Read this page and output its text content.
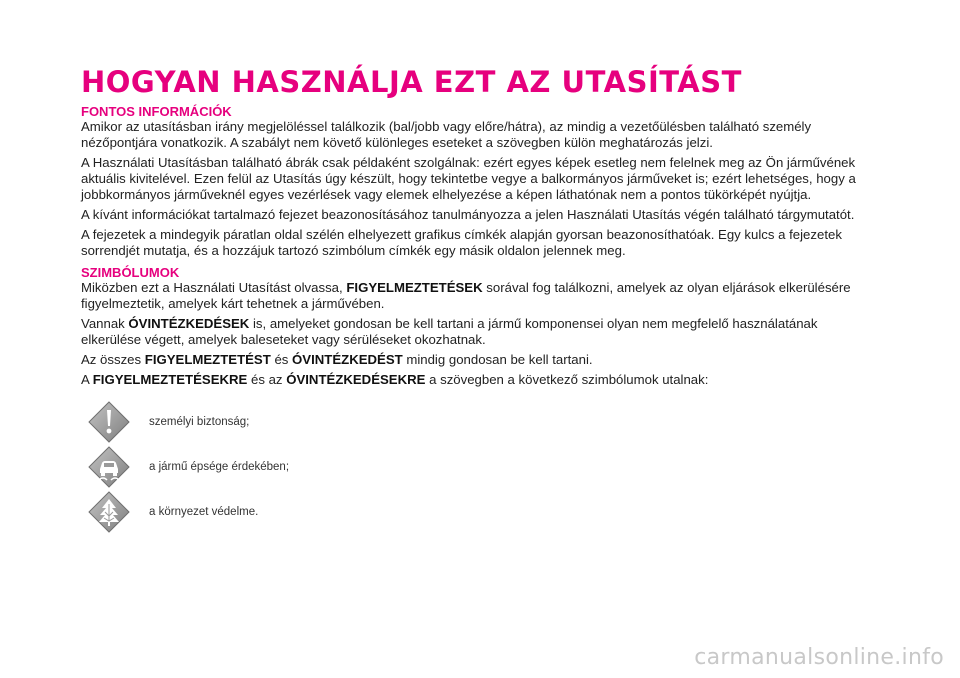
HOGYAN HASZNÁLJA EZT AZ UTASÍTÁST
FONTOS INFORMÁCIÓK

Amikor az utasításban irány megjelöléssel találkozik (bal/jobb vagy előre/hátra), az mindig a vezetőülésben található személy nézőpontjára vonatkozik. A szabályt nem követő különleges eseteket a szövegben külön meghatározás jelzi.

A Használati Utasításban található ábrák csak példaként szolgálnak: ezért egyes képek esetleg nem felelnek meg az Ön járművének aktuális kivitelével. Ezen felül az Utasítás úgy készült, hogy tekintetbe vegye a balkormányos járműveket is; ezért lehetséges, hogy a jobbkormányos járműveknél egyes vezérlések vagy elemek elhelyezése a képen láthatónak nem a pontos tükörképét nyújtja.

A kívánt információkat tartalmazó fejezet beazonosításához tanulmányozza a jelen Használati Utasítás végén található tárgymutatót.

A fejezetek a mindegyik páratlan oldal szélén elhelyezett grafikus címkék alapján gyorsan beazonosíthatóak. Egy kulcs a fejezetek sorrendjét mutatja, és a hozzájuk tartozó szimbólum címkék egy másik oldalon jelennek meg.

SZIMBÓLUMOK

Miközben ezt a Használati Utasítást olvassa, FIGYELMEZTETÉSEK sorával fog találkozni, amelyek az olyan eljárások elkerülésére figyelmeztetik, amelyek kárt tehetnek a járművében.

Vannak ÓVINTÉZKEDÉSEK is, amelyeket gondosan be kell tartani a jármű komponensei olyan nem megfelelő használatának elkerülése végett, amelyek baleseteket vagy sérüléseket okozhatnak.

Az összes FIGYELMEZTETÉST és ÓVINTÉZKEDÉST mindig gondosan be kell tartani.

A FIGYELMEZTETÉSEKRE és az ÓVINTÉZKEDÉSEKRE a szövegben a következő szimbólumok utalnak:

személyi biztonság;
a jármű épsége érdekében;
a környezet védelme.
carmanualsonline.info
